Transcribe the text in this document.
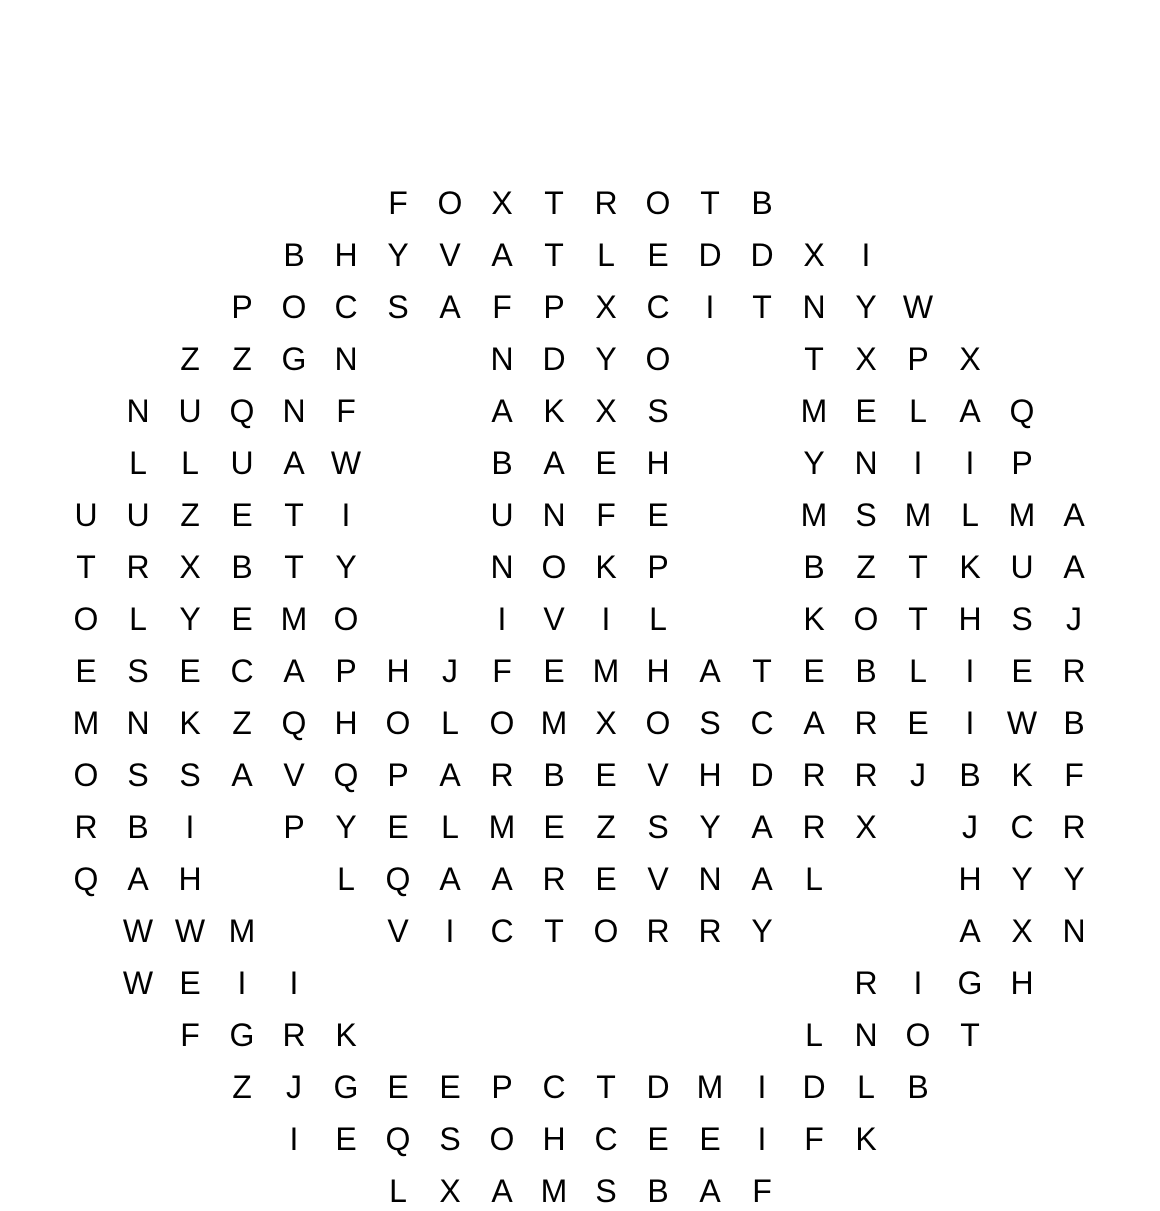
F O X T R O T B
B H Y V A T	L	E D D X	I
P O C S A F P X C	I	T N Y W
Z	Z G N	N D Y O	T X P X
N U Q N F	A K X S	M E	L	A Q
L	L U A W	B A E H	Y N	I	I	P
U U Z E T	I	U N F E	M S M L M A
T R X B T Y	N O K P	B Z	T K U A
O L	Y E M O	I	V	I	L	K O T H S	J
E S E C A P H	J	F E M H A T E B	L	I	E R
M N K Z Q H O L O M X O S C A R E	I	W B
O S S A V Q P A R B E V H D R R	J	B K F
R B	I	P Y E	L M E Z S Y A R X	J	C R
Q A H	L Q A A R E V N A	L	H Y Y
W W M	V	I	C T O R R Y	A X N
W E	I	I	R	I	G H
F G R K	L N O T
Z	J G E E P C T D M	I	D L	B
I	E Q S O H C E E	I	F K
L	X A M S B A F
